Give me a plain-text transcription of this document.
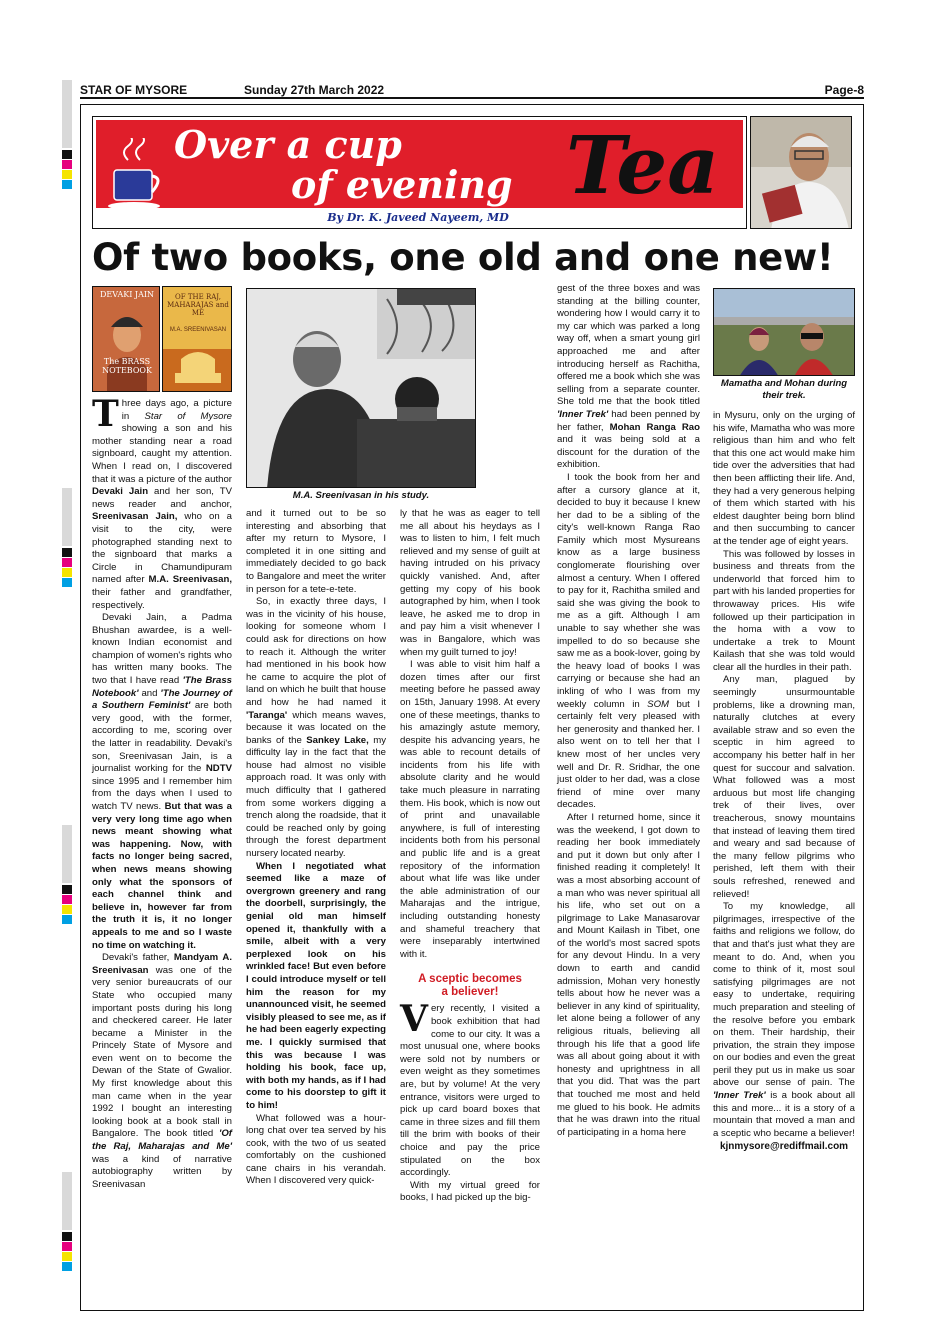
STAR OF MYSORE	Sunday 27th March 2022	Page-8
Over a cup
of evening Tea
By Dr. K. Javeed Nayeem, MD
Of two books, one old and one new!
DEVAKI JAIN
The BRASS NOTEBOOK
OF THE RAJ, MAHARAJAS and ME
M.A. SREENIVASAN
M.A. Sreenivasan in his study.
Mamatha and Mohan during
their trek.

Three days ago, a picture in Star of Mysore showing a son and his mother standing near a road signboard, caught my attention. When I read on, I discovered that it was a picture of the author Devaki Jain and her son, TV news reader and anchor, Sreenivasan Jain, who on a visit to the city, were photographed standing next to the signboard that marks a Circle in Chamundipuram named after M.A. Sreenivasan, their father and grandfather, respectively.

Devaki Jain, a Padma Bhushan awardee, is a well-known Indian economist and champion of women's rights who has written many books. The two that I have read 'The Brass Notebook' and 'The Journey of a Southern Feminist' are both very good, with the former, according to me, scoring over the latter in readability. Devaki's son, Sreenivasan Jain, is a journalist working for the NDTV since 1995 and I remember him from the days when I used to watch TV news. But that was a very very long time ago when news meant showing what was happening. Now, with facts no longer being sacred, when news means showing only what the sponsors of each channel think and believe in, however far from the truth it is, it no longer appeals to me and so I waste no time on watching it.

Devaki's father, Mandyam A. Sreenivasan was one of the very senior bureaucrats of our State who occupied many important posts during his long and checkered career. He later became a Minister in the Princely State of Mysore and even went on to become the Dewan of the State of Gwalior. My first knowledge about this man came when in the year 1992 I bought an interesting looking book at a book stall in Bangalore. The book titled 'Of the Raj, Maharajas and Me' was a kind of narrative autobiography written by Sreenivasan

and it turned out to be so interesting and absorbing that after my return to Mysore, I completed it in one sitting and immediately decided to go back to Bangalore and meet the writer in person for a tete-e-tete.

So, in exactly three days, I was in the vicinity of his house, looking for someone whom I could ask for directions on how to reach it. Although the writer had mentioned in his book how he came to acquire the plot of land on which he built that house and how he had named it 'Taranga' which means waves, because it was located on the banks of the Sankey Lake, my difficulty lay in the fact that the house had almost no visible approach road. It was only with much difficulty that I gathered from some workers digging a trench along the roadside, that it could be reached only by going through the forest department nursery located nearby.

When I negotiated what seemed like a maze of overgrown greenery and rang the doorbell, surprisingly, the genial old man himself opened it, thankfully with a smile, albeit with a very perplexed look on his wrinkled face! But even before I could introduce myself or tell him the reason for my unannounced visit, he seemed visibly pleased to see me, as if he had been eagerly expecting me. I quickly surmised that this was because I was holding his book, face up, with both my hands, as if I had come to his doorstep to gift it to him!

What followed was a hour-long chat over tea served by his cook, with the two of us seated comfortably on the cushioned cane chairs in his verandah. When I discovered very quick-

ly that he was as eager to tell me all about his heydays as I was to listen to him, I felt much relieved and my sense of guilt at having intruded on his privacy quickly vanished. And, after getting my copy of his book autographed by him, when I took leave, he asked me to drop in and pay him a visit whenever I was in Bangalore, which was when my guilt turned to joy!

I was able to visit him half a dozen times after our first meeting before he passed away on 15th, January 1998. At every one of these meetings, thanks to his amazingly astute memory, despite his advancing years, he was able to recount details of incidents from his life with absolute clarity and he would take much pleasure in narrating them. His book, which is now out of print and unavailable anywhere, is full of interesting incidents both from his personal and public life and is a great repository of the information about what life was like under the able administration of our Maharajas and the intrigue, including outstanding honesty and shameful treachery that were inseparably intertwined with it.

A sceptic becomes
a believer!

Very recently, I visited a book exhibition that had come to our city. It was a most unusual one, where books were sold not by numbers or even weight as they sometimes are, but by volume! At the very entrance, visitors were urged to pick up card board boxes that came in three sizes and fill them till the brim with books of their choice and pay the price stipulated on the box accordingly.

With my virtual greed for books, I had picked up the big-

gest of the three boxes and was standing at the billing counter, wondering how I would carry it to my car which was parked a long way off, when a smart young girl approached me and after introducing herself as Rachitha, offered me a book which she was selling from a separate counter. She told me that the book titled 'Inner Trek' had been penned by her father, Mohan Ranga Rao and it was being sold at a discount for the duration of the exhibition.

I took the book from her and after a cursory glance at it, decided to buy it because I knew her dad to be a sibling of the city's well-known Ranga Rao Family which most Mysureans know as a large business conglomerate flourishing over almost a century. When I offered to pay for it, Rachitha smiled and said she was giving the book to me as a gift. Although I am unable to say whether she was impelled to do so because she saw me as a book-lover, going by the heavy load of books I was carrying or because she had an inkling of who I was from my weekly column in SOM but I certainly felt very pleased with her generosity and thanked her. I also went on to tell her that I knew most of her uncles very well and Dr. R. Sridhar, the one just older to her dad, was a close friend of mine over many decades.

After I returned home, since it was the weekend, I got down to reading her book immediately and put it down but only after I finished reading it completely! It was a most absorbing account of a man who was never spiritual all his life, who set out on a pilgrimage to Lake Manasarovar and Mount Kailash in Tibet, one of the world's most sacred spots for any devout Hindu. In a very down to earth and candid admission, Mohan very honestly tells about how he never was a believer in any kind of spirituality, let alone being a follower of any religious rituals, believing all through his life that a good life was all about going about it with honesty and uprightness in all that you did. That was the part that touched me most and held me glued to his book. He admits that he was drawn into the ritual of participating in a homa here

in Mysuru, only on the urging of his wife, Mamatha who was more religious than him and who felt that this one act would make him tide over the adversities that had then been afflicting their life. And, they had a very generous helping of them which started with his eldest daughter being born blind and then succumbing to cancer at the tender age of eight years.

This was followed by losses in business and threats from the underworld that forced him to part with his landed properties for throwaway prices. His wife followed up their participation in the homa with a vow to undertake a trek to Mount Kailash that she was told would clear all the hurdles in their path.

Any man, plagued by seemingly unsurmountable problems, like a drowning man, naturally clutches at every available straw and so even the sceptic in him agreed to accompany his better half in her quest for succour and salvation. What followed was a most arduous but most life changing trek of their lives, over treacherous, snowy mountains that instead of leaving them tired and weary and sad because of the many fellow pilgrims who perished, left them with their souls refreshed, renewed and relieved!

To my knowledge, all pilgrimages, irrespective of the faiths and religions we follow, do that and that's just what they are meant to do. And, when you come to think of it, most soul satisfying pilgrimages are not easy to undertake, requiring much preparation and steeling of the resolve before you embark on them. Their hardship, their privation, the strain they impose on our bodies and even the great peril they put us in make us soar above our sense of pain. The 'Inner Trek' is a book about all this and more... it is a story of a mountain that moved a man and a sceptic who became a believer!

kjnmysore@rediffmail.com
